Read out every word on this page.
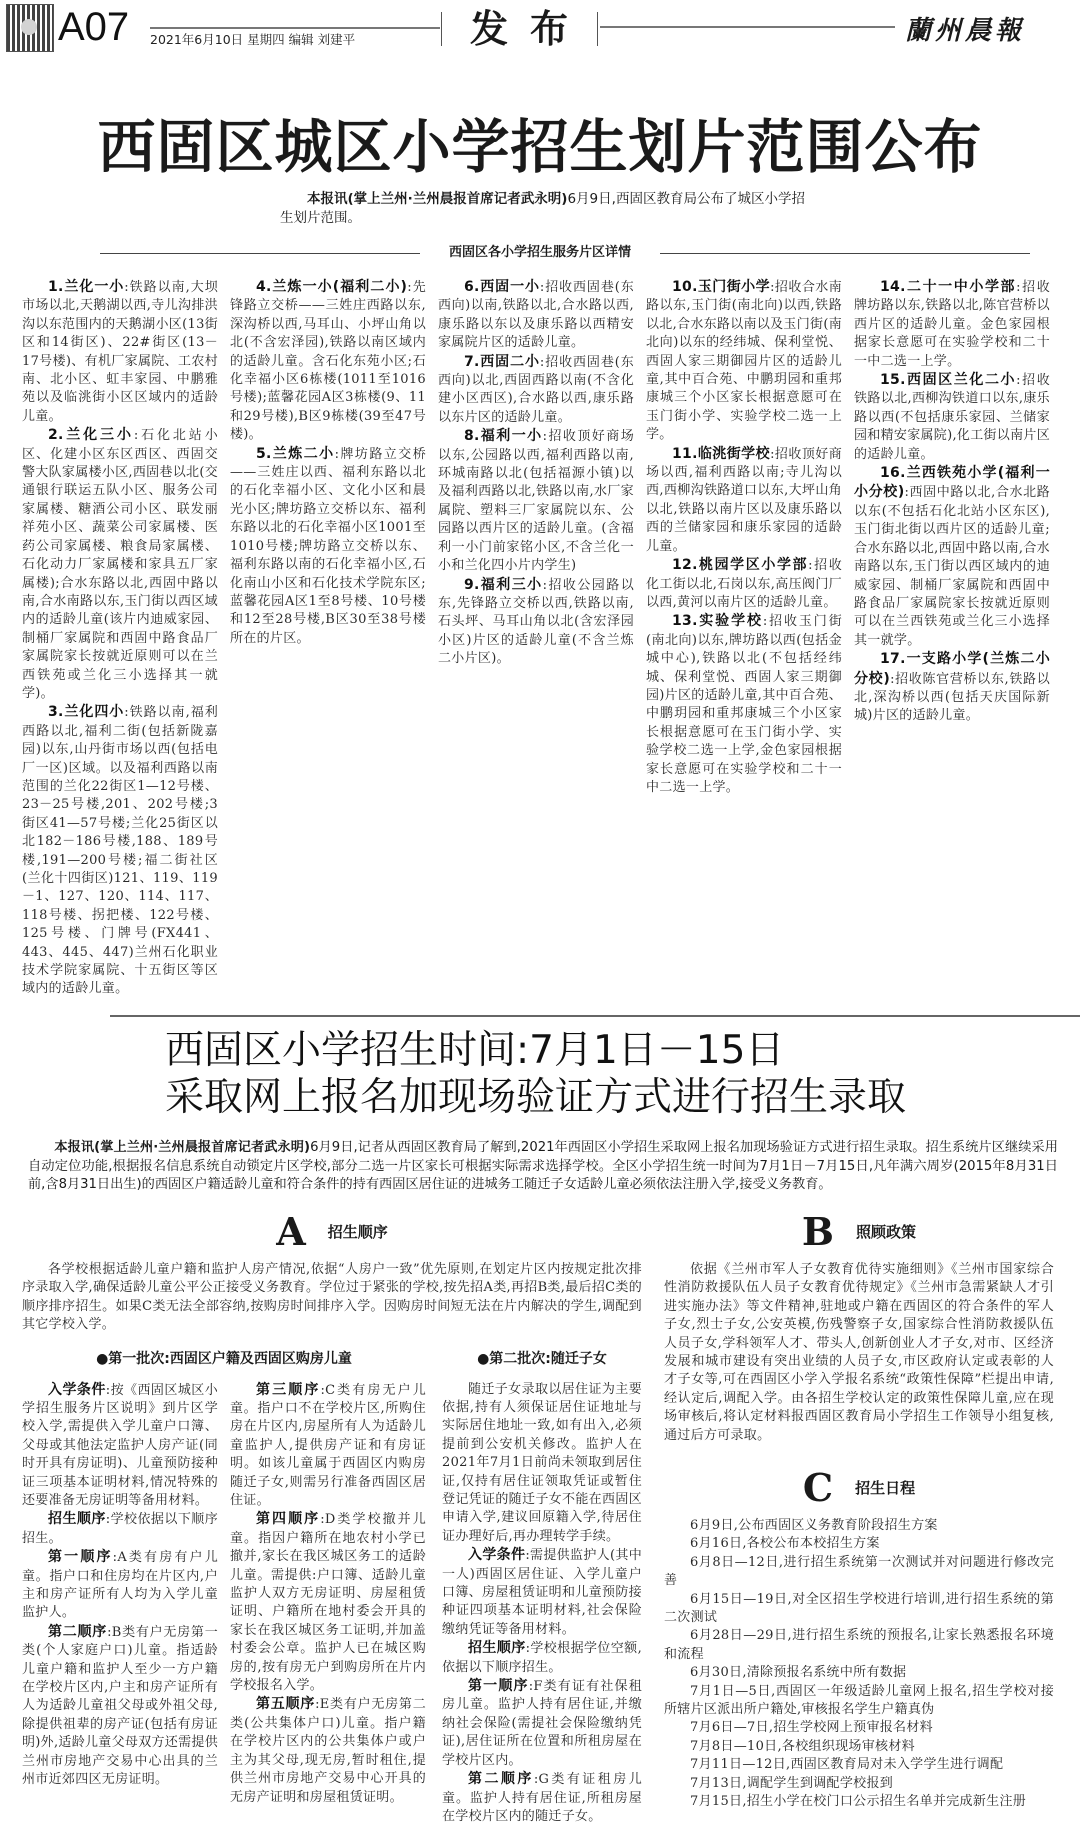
A07 2021年6月10日 星期四 编辑 刘建平	发布	蘭州晨報
西固区城区小学招生划片范围公布
本报讯(掌上兰州·兰州晨报首席记者武永明)6月9日,西固区教育局公布了城区小学招生划片范围。
西固区各小学招生服务片区详情

1.兰化一小:铁路以南,大坝市场以北,天鹅湖以西,寺儿沟排洪沟以东范围内的天鹅湖小区(13街区和14街区)、22#街区(13－17号楼)、有机厂家属院、工农村南、北小区、虹丰家园、中鹏雅苑以及临洮街小区区域内的适龄儿童。

2.兰化三小:石化北站小区、化建小区东区西区、西固交警大队家属楼小区,西固巷以北(交通银行联运五队小区、服务公司家属楼、糖酒公司小区、联发丽祥苑小区、蔬菜公司家属楼、医药公司家属楼、粮食局家属楼、石化动力厂家属楼和家具五厂家属楼);合水东路以北,西固中路以南,合水南路以东,玉门街以西区域内的适龄儿童(该片内迪威家园、制桶厂家属院和西固中路食品厂家属院家长按就近原则可以在兰西铁苑或兰化三小选择其一就学)。

3.兰化四小:铁路以南,福利西路以北,福利二街(包括新陇嘉园)以东,山丹街市场以西(包括电厂一区)区域。以及福利西路以南范围的兰化22街区1—12号楼、23－25号楼,201、202号楼;3街区41—57号楼;兰化25街区以北182－186号楼,188、189号楼,191—200号楼;福二街社区(兰化十四街区)121、119、119－1、127、120、114、117、118号楼、拐把楼、122号楼、125号楼、门牌号(FX441、443、445、447)兰州石化职业技术学院家属院、十五街区等区域内的适龄儿童。

4.兰炼一小(福利二小):先锋路立交桥——三姓庄西路以东,深沟桥以西,马耳山、小坪山角以北(不含宏泽园),铁路以南区域内的适龄儿童。含石化东苑小区;石化幸福小区6栋楼(1011至1016号楼);蓝馨花园A区3栋楼(9、11和29号楼),B区9栋楼(39至47号楼)。

5.兰炼二小:牌坊路立交桥——三姓庄以西、福利东路以北的石化幸福小区、文化小区和晨光小区;牌坊路立交桥以东、福利东路以北的石化幸福小区1001至1010号楼;牌坊路立交桥以东、福利东路以南的石化幸福小区,石化南山小区和石化技术学院东区;蓝馨花园A区1至8号楼、10号楼和12至28号楼,B区30至38号楼所在的片区。

6.西固一小:招收西固巷(东西向)以南,铁路以北,合水路以西,康乐路以东以及康乐路以西精安家属院片区的适龄儿童。

7.西固二小:招收西固巷(东西向)以北,西固西路以南(不含化建小区西区),合水路以西,康乐路以东片区的适龄儿童。

8.福利一小:招收顶好商场以东,公园路以西,福利西路以南,环城南路以北(包括福源小镇)以及福利西路以北,铁路以南,水厂家属院、塑料三厂家属院以东、公园路以西片区的适龄儿童。(含福利一小门前家铭小区,不含兰化一小和兰化四小片内学生)

9.福利三小:招收公园路以东,先锋路立交桥以西,铁路以南,石头坪、马耳山角以北(含宏泽园小区)片区的适龄儿童(不含兰炼二小片区)。

10.玉门街小学:招收合水南路以东,玉门街(南北向)以西,铁路以北,合水东路以南以及玉门街(南北向)以东的经纬城、保利堂悦、西固人家三期御园片区的适龄儿童,其中百合苑、中鹏玥园和重邦康城三个小区家长根据意愿可在玉门街小学、实验学校二选一上学。

11.临洮街学校:招收顶好商场以西,福利西路以南;寺儿沟以西,西柳沟铁路道口以东,大坪山角以北,铁路以南片区以及康乐路以西的兰储家园和康乐家园的适龄儿童。

12.桃园学区小学部:招收化工街以北,石岗以东,高压阀门厂以西,黄河以南片区的适龄儿童。

13.实验学校:招收玉门街(南北向)以东,牌坊路以西(包括金城中心),铁路以北(不包括经纬城、保利堂悦、西固人家三期御园)片区的适龄儿童,其中百合苑、中鹏玥园和重邦康城三个小区家长根据意愿可在玉门街小学、实验学校二选一上学,金色家园根据家长意愿可在实验学校和二十一中二选一上学。

14.二十一中小学部:招收牌坊路以东,铁路以北,陈官营桥以西片区的适龄儿童。金色家园根据家长意愿可在实验学校和二十一中二选一上学。

15.西固区兰化二小:招收铁路以北,西柳沟铁道口以东,康乐路以西(不包括康乐家园、兰储家园和精安家属院),化工街以南片区的适龄儿童。

16.兰西铁苑小学(福利一小分校):西固中路以北,合水北路以东(不包括石化北站小区东区),玉门街北街以西片区的适龄儿童;合水东路以北,西固中路以南,合水南路以东,玉门街以西区域内的迪威家园、制桶厂家属院和西固中路食品厂家属院家长按就近原则可以在兰西铁苑或兰化三小选择其一就学。

17.一支路小学(兰炼二小分校):招收陈官营桥以东,铁路以北,深沟桥以西(包括天庆国际新城)片区的适龄儿童。

西固区小学招生时间:7月1日－15日
采取网上报名加现场验证方式进行招生录取
本报讯(掌上兰州·兰州晨报首席记者武永明)6月9日,记者从西固区教育局了解到,2021年西固区小学招生采取网上报名加现场验证方式进行招生录取。招生系统片区继续采用自动定位功能,根据报名信息系统自动锁定片区学校,部分二选一片区家长可根据实际需求选择学校。全区小学招生统一时间为7月1日－7月15日,凡年满六周岁(2015年8月31日前,含8月31日出生)的西固区户籍适龄儿童和符合条件的持有西固区居住证的进城务工随迁子女适龄儿童必须依法注册入学,接受义务教育。
A 招生顺序

各学校根据适龄儿童户籍和监护人房产情况,依据“人房户一致”优先原则,在划定片区内按规定批次排序录取入学,确保适龄儿童公平公正接受义务教育。学位过于紧张的学校,按先招A类,再招B类,最后招C类的顺序排序招生。如果C类无法全部容纳,按购房时间排序入学。因购房时间短无法在片内解决的学生,调配到其它学校入学。

●第一批次:西固区户籍及西固区购房儿童

入学条件:按《西固区城区小学招生服务片区说明》到片区学校入学,需提供入学儿童户口簿、父母或其他法定监护人房产证(同时开具有房证明)、儿童预防接种证三项基本证明材料,情况特殊的还要准备无房证明等备用材料。

招生顺序:学校依据以下顺序招生。

第一顺序:A类有房有户儿童。指户口和住房均在片区内,户主和房产证所有人均为入学儿童监护人。

第二顺序:B类有户无房第一类(个人家庭户口)儿童。指适龄儿童户籍和监护人至少一方户籍在学校片区内,户主和房产证所有人为适龄儿童祖父母或外祖父母,除提供祖辈的房产证(包括有房证明)外,适龄儿童父母双方还需提供兰州市房地产交易中心出具的兰州市近郊四区无房证明。

第三顺序:C类有房无户儿童。指户口不在学校片区,所购住房在片区内,房屋所有人为适龄儿童监护人,提供房产证和有房证明。如该儿童属于西固区内购房随迁子女,则需另行准备西固区居住证。

第四顺序:D类学校撤并儿童。指因户籍所在地农村小学已撤并,家长在我区城区务工的适龄儿童。需提供:户口簿、适龄儿童监护人双方无房证明、房屋租赁证明、户籍所在地村委会开具的家长在我区城区务工证明,并加盖村委会公章。监护人已在城区购房的,按有房无户到购房所在片内学校报名入学。

第五顺序:E类有户无房第二类(公共集体户口)儿童。指户籍在学校片区内的公共集体户或户主为其父母,现无房,暂时租住,提供兰州市房地产交易中心开具的无房产证明和房屋租赁证明。

●第二批次:随迁子女

随迁子女录取以居住证为主要依据,持有人须保证居住证地址与实际居住地址一致,如有出入,必须提前到公安机关修改。监护人在2021年7月1日前尚未领取到居住证,仅持有居住证领取凭证或暂住登记凭证的随迁子女不能在西固区申请入学,建议回原籍入学,待居住证办理好后,再办理转学手续。

入学条件:需提供监护人(其中一人)西固区居住证、入学儿童户口簿、房屋租赁证明和儿童预防接种证四项基本证明材料,社会保险缴纳凭证等备用材料。

招生顺序:学校根据学位空额,依据以下顺序招生。

第一顺序:F类有证有社保租房儿童。监护人持有居住证,并缴纳社会保险(需提社会保险缴纳凭证),居住证所在位置和所租房屋在学校片区内。

第二顺序:G类有证租房儿童。监护人持有居住证,所租房屋在学校片区内的随迁子女。

B 照顾政策

依据《兰州市军人子女教育优待实施细则》《兰州市国家综合性消防救援队伍人员子女教育优待规定》《兰州市急需紧缺人才引进实施办法》等文件精神,驻地或户籍在西固区的符合条件的军人子女,烈士子女,公安英模,伤残警察子女,国家综合性消防救援队伍人员子女,学科领军人才、带头人,创新创业人才子女,对市、区经济发展和城市建设有突出业绩的人员子女,市区政府认定或表彰的人才子女等,可在西固区小学入学报名系统“政策性保障”栏提出申请,经认定后,调配入学。由各招生学校认定的政策性保障儿童,应在现场审核后,将认定材料报西固区教育局小学招生工作领导小组复核,通过后方可录取。

C 招生日程

6月9日,公布西固区义务教育阶段招生方案

6月16日,各校公布本校招生方案

6月8日—12日,进行招生系统第一次测试并对问题进行修改完善

6月15日—19日,对全区招生学校进行培训,进行招生系统的第二次测试

6月28日—29日,进行招生系统的预报名,让家长熟悉报名环境和流程

6月30日,清除预报名系统中所有数据

7月1日—5日,西固区一年级适龄儿童网上报名,招生学校对接所辖片区派出所户籍处,审核报名学生户籍真伪

7月6日—7日,招生学校网上预审报名材料

7月8日—10日,各校组织现场审核材料

7月11日—12日,西固区教育局对未入学学生进行调配

7月13日,调配学生到调配学校报到

7月15日,招生小学在校门口公示招生名单并完成新生注册
